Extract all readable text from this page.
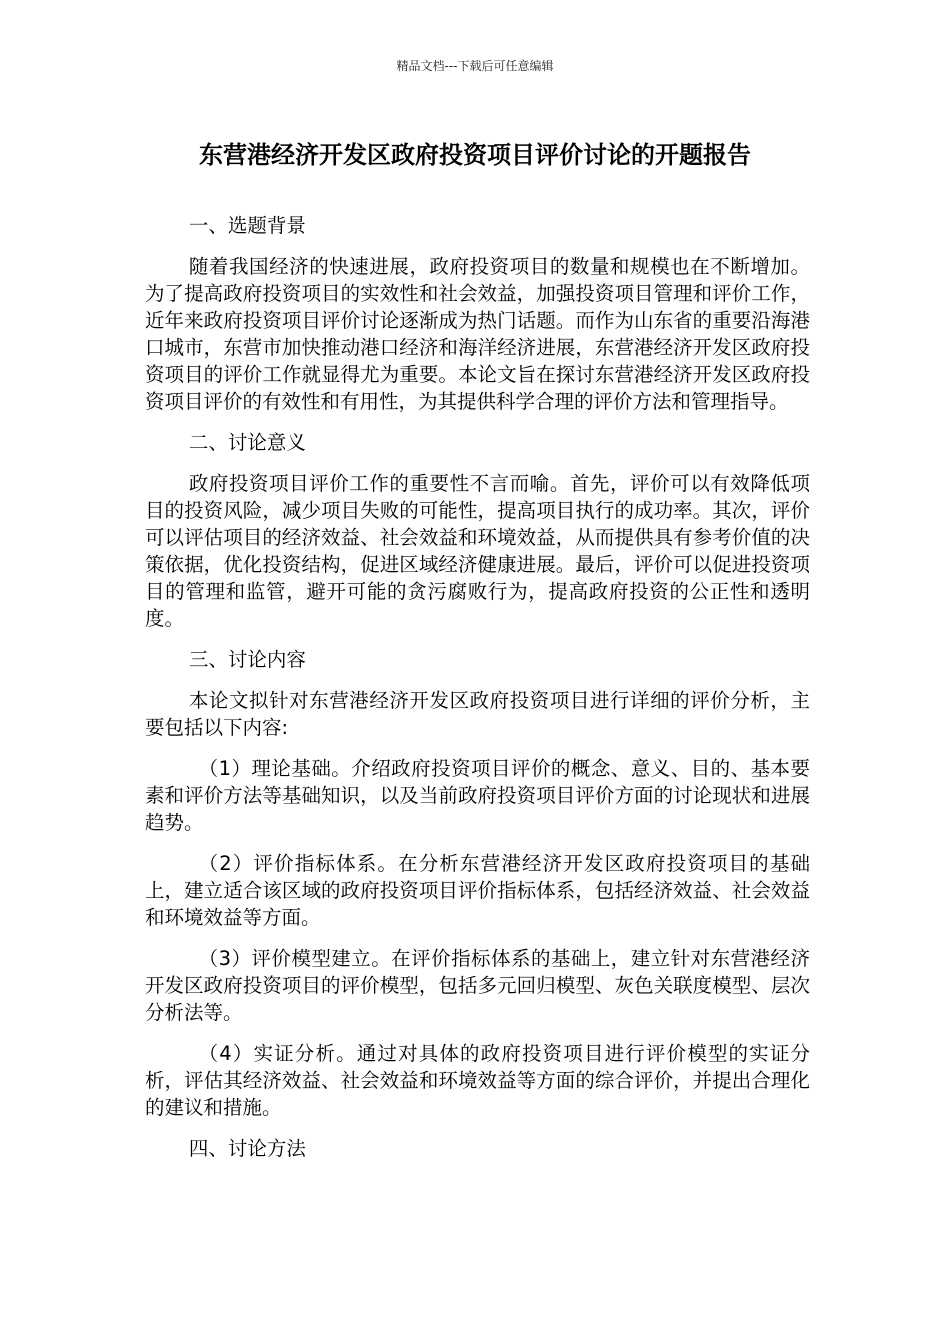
精品文档---下载后可任意编辑
东营港经济开发区政府投资项目评价讨论的开题报告

一、选题背景

随着我国经济的快速进展，政府投资项目的数量和规模也在不断增加。为了提高政府投资项目的实效性和社会效益，加强投资项目管理和评价工作，近年来政府投资项目评价讨论逐渐成为热门话题。而作为山东省的重要沿海港口城市，东营市加快推动港口经济和海洋经济进展，东营港经济开发区政府投资项目的评价工作就显得尤为重要。本论文旨在探讨东营港经济开发区政府投资项目评价的有效性和有用性，为其提供科学合理的评价方法和管理指导。

二、讨论意义

政府投资项目评价工作的重要性不言而喻。首先，评价可以有效降低项目的投资风险，减少项目失败的可能性，提高项目执行的成功率。其次，评价可以评估项目的经济效益、社会效益和环境效益，从而提供具有参考价值的决策依据，优化投资结构，促进区域经济健康进展。最后，评价可以促进投资项目的管理和监管，避开可能的贪污腐败行为，提高政府投资的公正性和透明度。

三、讨论内容

本论文拟针对东营港经济开发区政府投资项目进行详细的评价分析，主要包括以下内容:

（1）理论基础。介绍政府投资项目评价的概念、意义、目的、基本要素和评价方法等基础知识，以及当前政府投资项目评价方面的讨论现状和进展趋势。

（2）评价指标体系。在分析东营港经济开发区政府投资项目的基础上，建立适合该区域的政府投资项目评价指标体系，包括经济效益、社会效益和环境效益等方面。

（3）评价模型建立。在评价指标体系的基础上，建立针对东营港经济开发区政府投资项目的评价模型，包括多元回归模型、灰色关联度模型、层次分析法等。

（4）实证分析。通过对具体的政府投资项目进行评价模型的实证分析，评估其经济效益、社会效益和环境效益等方面的综合评价，并提出合理化的建议和措施。

四、讨论方法
